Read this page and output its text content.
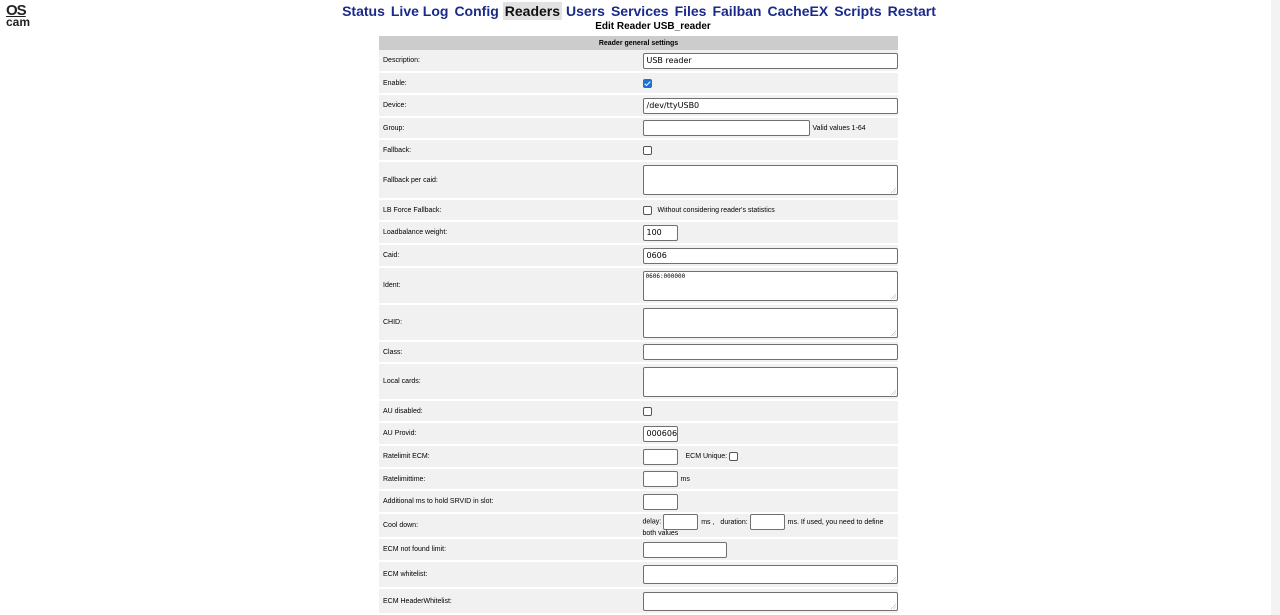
OS
cam
Status Live Log Config Readers Users Services Files Failban CacheEX Scripts Restart
Edit Reader USB_reader
Reader general settings	
Description:	USB reader
Enable:	
Device:	/dev/ttyUSB0
Group:	Valid values 1-64
Fallback:	
Fallback per caid:	
LB Force Fallback:	Without considering reader's statistics
Loadbalance weight:	100
Caid:	0606
Ident:	0606:000000
CHID:	
Class:	
Local cards:	
AU disabled:	
AU Provid:	000606
Ratelimit ECM:	ECM Unique:
Ratelimittime:	ms
Additional ms to hold SRVID in slot:	
Cool down:	delay: ms , duration: ms. If used, you need to define both values
ECM not found limit:	
ECM whitelist:	
ECM HeaderWhitelist:	
